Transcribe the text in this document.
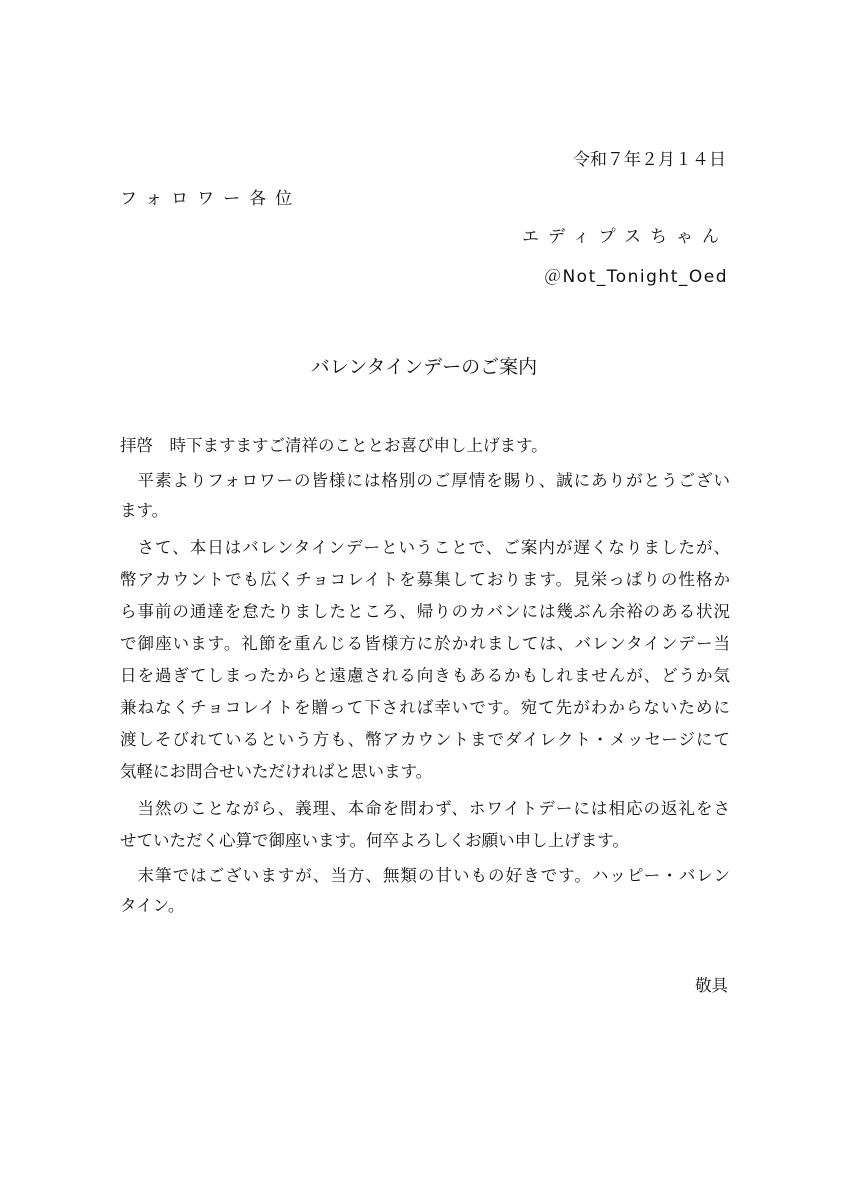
令和７年２月１４日
フォロワー各位
エディプスちゃん
＠Not_Tonight_Oed
バレンタインデーのご案内
拝啓　時下ますますご清祥のこととお喜び申し上げます。
　平素よりフォロワーの皆様には格別のご厚情を賜り、誠にありがとうござい
ます。
　さて、本日はバレンタインデーということで、ご案内が遅くなりましたが、
幣アカウントでも広くチョコレイトを募集しております。見栄っぱりの性格か
ら事前の通達を怠たりましたところ、帰りのカバンには幾ぶん余裕のある状況
で御座います。礼節を重んじる皆様方に於かれましては、バレンタインデー当
日を過ぎてしまったからと遠慮される向きもあるかもしれませんが、どうか気
兼ねなくチョコレイトを贈って下されば幸いです。宛て先がわからないために
渡しそびれているという方も、幣アカウントまでダイレクト・メッセージにて
気軽にお問合せいただければと思います。
　当然のことながら、義理、本命を問わず、ホワイトデーには相応の返礼をさ
せていただく心算で御座います。何卒よろしくお願い申し上げます。
　末筆ではございますが、当方、無類の甘いもの好きです。ハッピー・バレン
タイン。
敬具
